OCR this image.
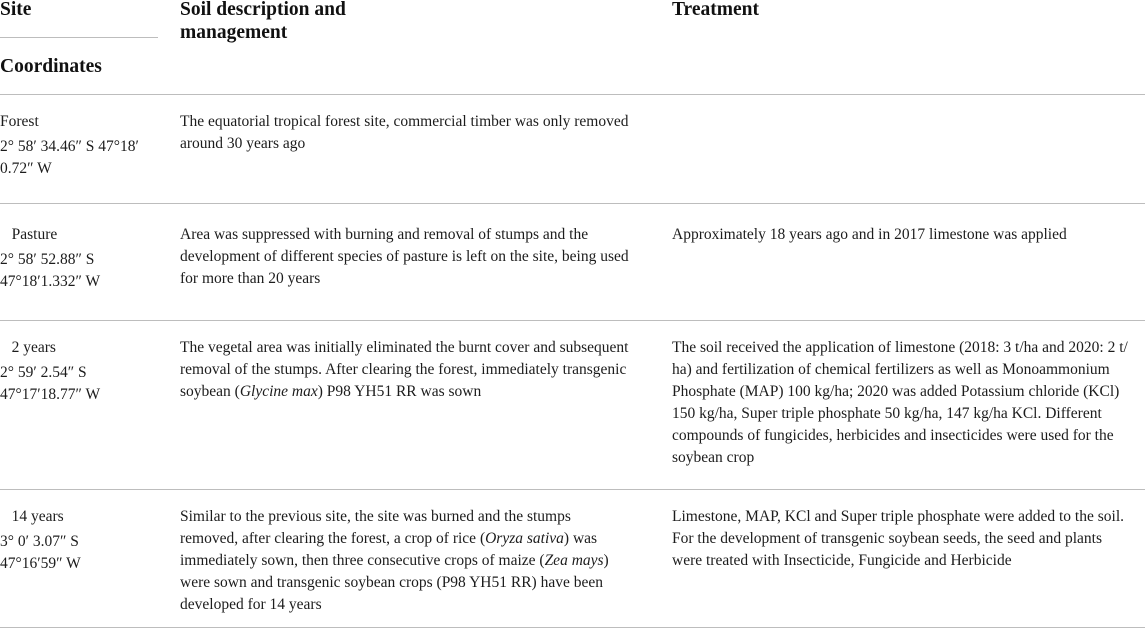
Site
Coordinates
Soil description and
management
Treatment
Forest
2° 58′ 34.46″ S 47°18′
0.72″ W
The equatorial tropical forest site, commercial timber was only removed
around 30 years ago
Pasture
2° 58′ 52.88″ S
47°18′1.332″ W
Area was suppressed with burning and removal of stumps and the
development of different species of pasture is left on the site, being used
for more than 20 years
Approximately 18 years ago and in 2017 limestone was applied
2 years
2° 59′ 2.54″ S
47°17′18.77″ W
The vegetal area was initially eliminated the burnt cover and subsequent
removal of the stumps. After clearing the forest, immediately transgenic
soybean (Glycine max) P98 YH51 RR was sown
The soil received the application of limestone (2018: 3 t/ha and 2020: 2 t/
ha) and fertilization of chemical fertilizers as well as Monoammonium
Phosphate (MAP) 100 kg/ha; 2020 was added Potassium chloride (KCl)
150 kg/ha, Super triple phosphate 50 kg/ha, 147 kg/ha KCl. Different
compounds of fungicides, herbicides and insecticides were used for the
soybean crop
14 years
3° 0′ 3.07″ S
47°16′59″ W
Similar to the previous site, the site was burned and the stumps
removed, after clearing the forest, a crop of rice (Oryza sativa) was
immediately sown, then three consecutive crops of maize (Zea mays)
were sown and transgenic soybean crops (P98 YH51 RR) have been
developed for 14 years
Limestone, MAP, KCl and Super triple phosphate were added to the soil.
For the development of transgenic soybean seeds, the seed and plants
were treated with Insecticide, Fungicide and Herbicide
